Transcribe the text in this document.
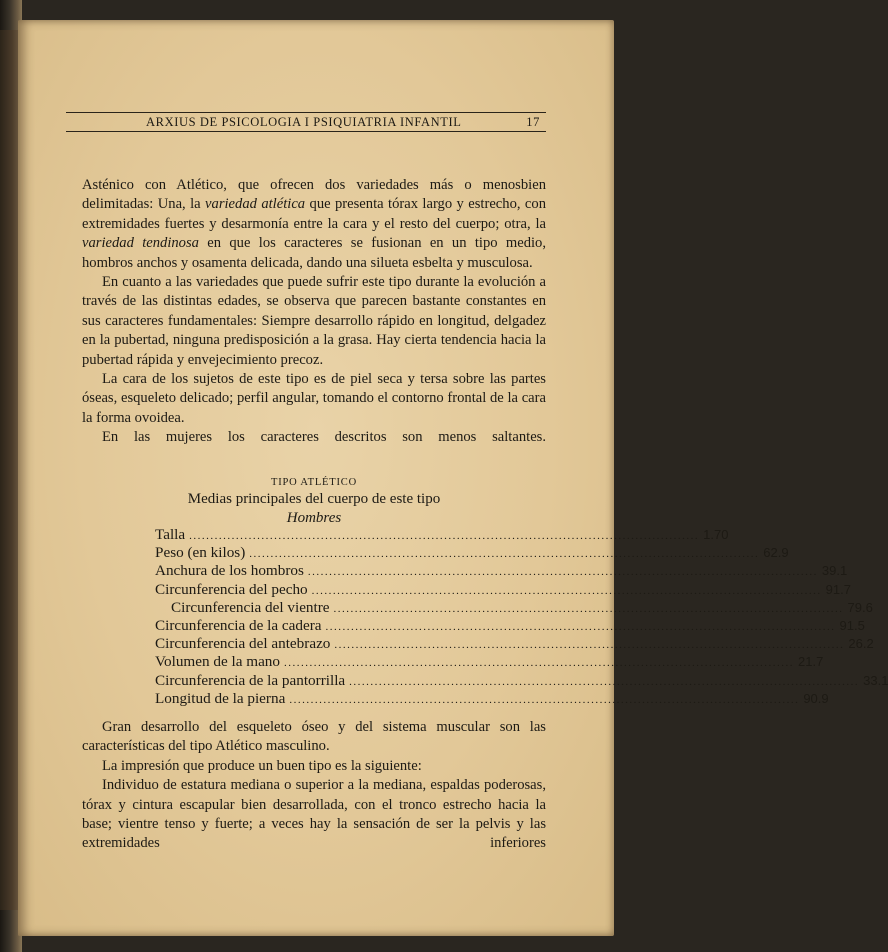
ARXIUS DE PSICOLOGIA I PSIQUIATRIA INFANTIL	17

Asténico con Atlético, que ofrecen dos variedades más o menosbien delimitadas: Una, la variedad atlética que presenta tórax largo y estrecho, con extremidades fuertes y desarmonía entre la cara y el resto del cuerpo; otra, la variedad tendinosa en que los caracteres se fusionan en un tipo medio, hombros anchos y osamenta delicada, dando una silueta esbelta y musculosa.

En cuanto a las variedades que puede sufrir este tipo durante la evolución a través de las distintas edades, se observa que parecen bastante constantes en sus caracteres fundamentales: Siempre desarrollo rápido en longitud, delgadez en la pubertad, ninguna predisposición a la grasa. Hay cierta tendencia hacia la pubertad rápida y envejecimiento precoz.

La cara de los sujetos de este tipo es de piel seca y tersa sobre las partes óseas, esqueleto delicado; perfil angular, tomando el contorno frontal de la cara la forma ovoidea.

En las mujeres los caracteres descritos son menos saltantes.

TIPO ATLÉTICO
Medias principales del cuerpo de este tipo
Hombres
Talla ........................................................................................................................ 1.70
Peso (en kilos) ........................................................................................................................ 62.9
Anchura de los hombros ........................................................................................................................ 39.1
Circunferencia del pecho ........................................................................................................................ 91.7
Circunferencia del vientre ........................................................................................................................ 79.6
Circunferencia de la cadera ........................................................................................................................ 91.5
Circunferencia del antebrazo ........................................................................................................................ 26.2
Volumen de la mano ........................................................................................................................ 21.7
Circunferencia de la pantorrilla ........................................................................................................................ 33.1
Longitud de la pierna ........................................................................................................................ 90.9

Gran desarrollo del esqueleto óseo y del sistema muscular son las características del tipo Atlético masculino.

La impresión que produce un buen tipo es la siguiente:

Individuo de estatura mediana o superior a la mediana, espaldas poderosas, tórax y cintura escapular bien desarrollada, con el tronco estrecho hacia la base; vientre tenso y fuerte; a veces hay la sensación de ser la pelvis y las extremidades inferiores
